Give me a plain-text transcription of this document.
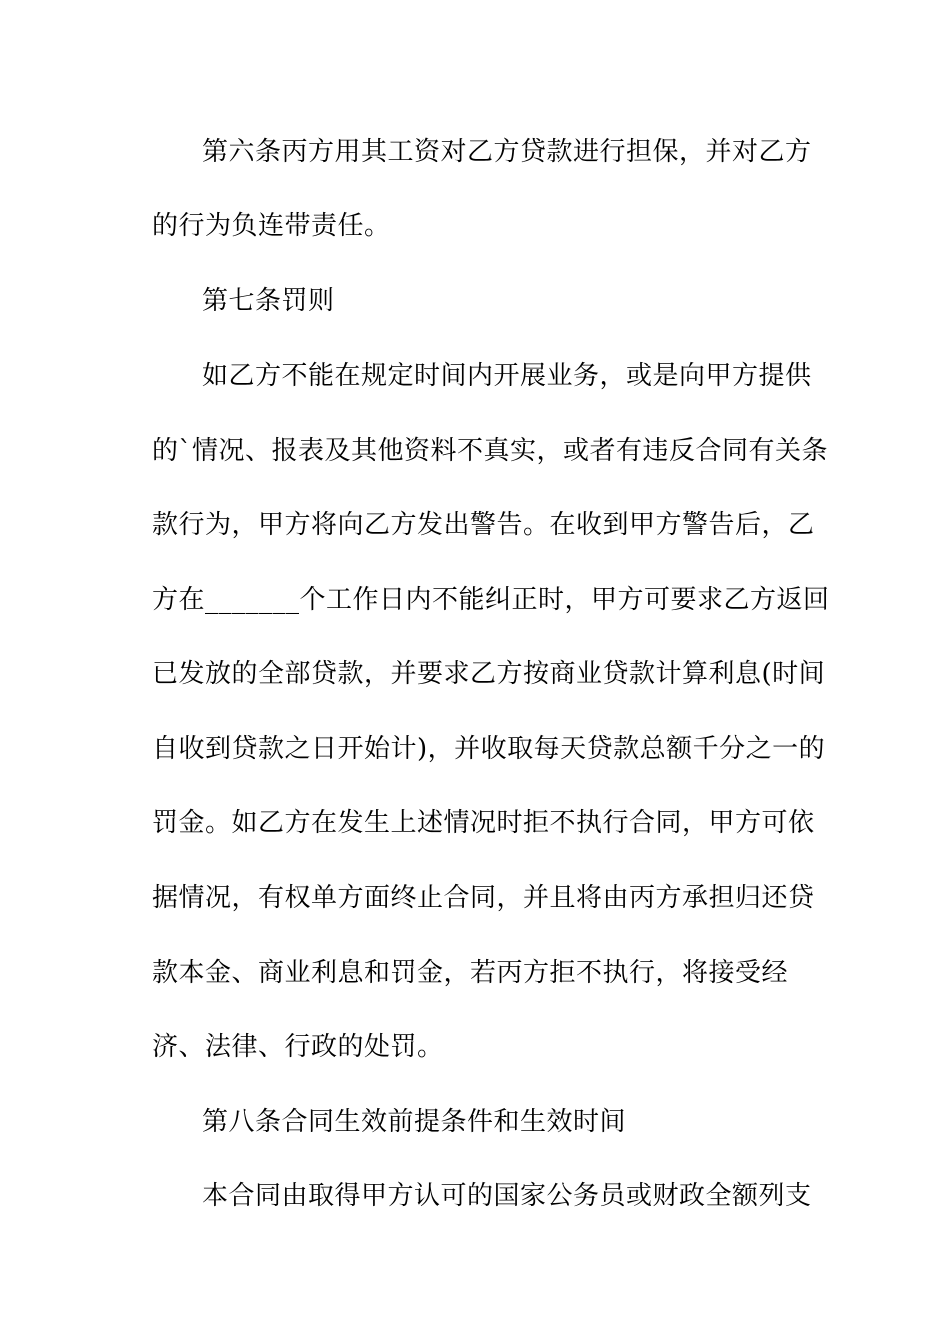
第六条丙方用其工资对乙方贷款进行担保，并对乙方
的行为负连带责任。
第七条罚则
如乙方不能在规定时间内开展业务，或是向甲方提供
的`情况、报表及其他资料不真实，或者有违反合同有关条
款行为，甲方将向乙方发出警告。在收到甲方警告后，乙
方在_______个工作日内不能纠正时，甲方可要求乙方返回
已发放的全部贷款，并要求乙方按商业贷款计算利息(时间
自收到贷款之日开始计)，并收取每天贷款总额千分之一的
罚金。如乙方在发生上述情况时拒不执行合同，甲方可依
据情况，有权单方面终止合同，并且将由丙方承担归还贷
款本金、商业利息和罚金，若丙方拒不执行，将接受经
济、法律、行政的处罚。
第八条合同生效前提条件和生效时间
本合同由取得甲方认可的国家公务员或财政全额列支
